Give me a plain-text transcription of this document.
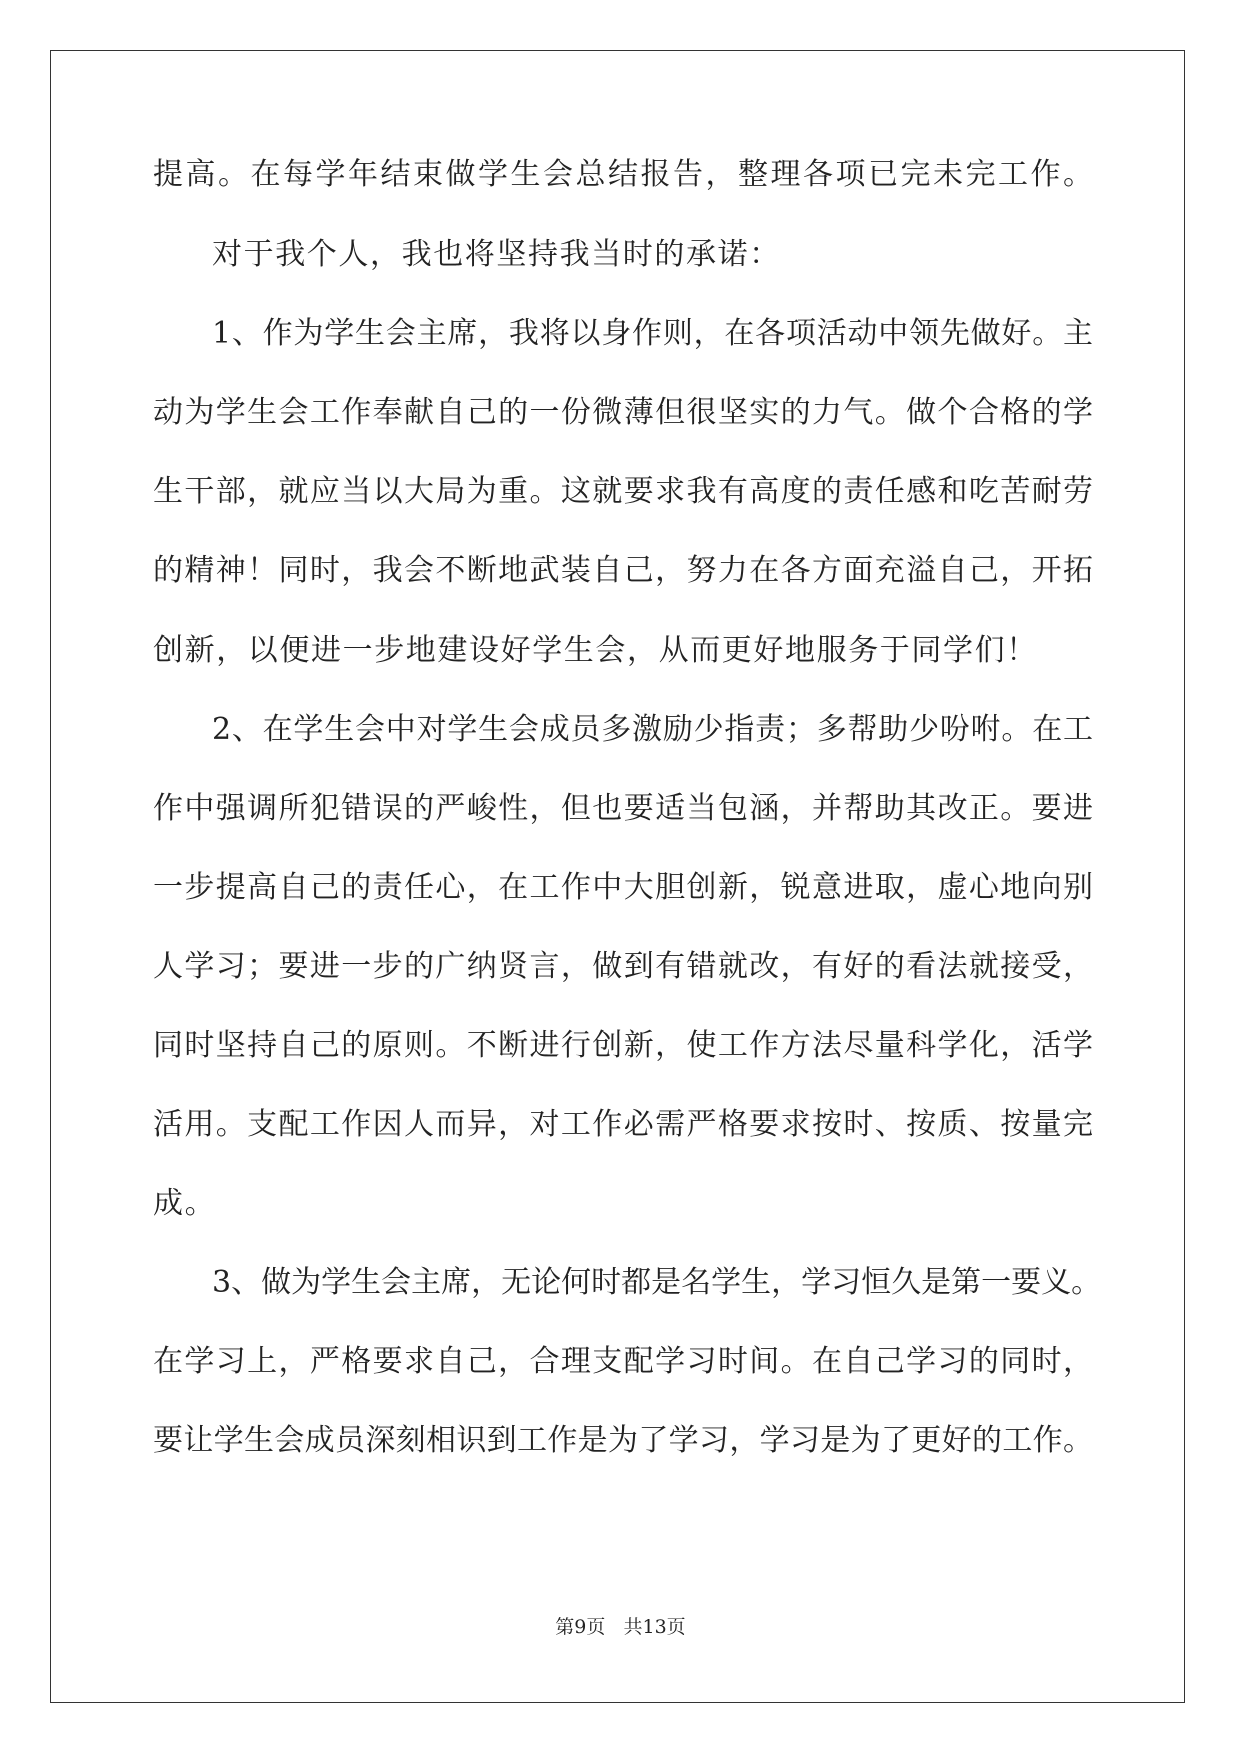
提高。在每学年结束做学生会总结报告，整理各项已完未完工作。
对于我个人，我也将坚持我当时的承诺：
1、作为学生会主席，我将以身作则，在各项活动中领先做好。主
动为学生会工作奉献自己的一份微薄但很坚实的力气。做个合格的学
生干部，就应当以大局为重。这就要求我有高度的责任感和吃苦耐劳
的精神！同时，我会不断地武装自己，努力在各方面充溢自己，开拓
创新，以便进一步地建设好学生会，从而更好地服务于同学们！
2、在学生会中对学生会成员多激励少指责；多帮助少吩咐。在工
作中强调所犯错误的严峻性，但也要适当包涵，并帮助其改正。要进
一步提高自己的责任心，在工作中大胆创新，锐意进取，虚心地向别
人学习；要进一步的广纳贤言，做到有错就改，有好的看法就接受，
同时坚持自己的原则。不断进行创新，使工作方法尽量科学化，活学
活用。支配工作因人而异，对工作必需严格要求按时、按质、按量完
成。
3、做为学生会主席，无论何时都是名学生，学习恒久是第一要义。
在学习上，严格要求自己，合理支配学习时间。在自己学习的同时，
要让学生会成员深刻相识到工作是为了学习，学习是为了更好的工作。
第9页   共13页
